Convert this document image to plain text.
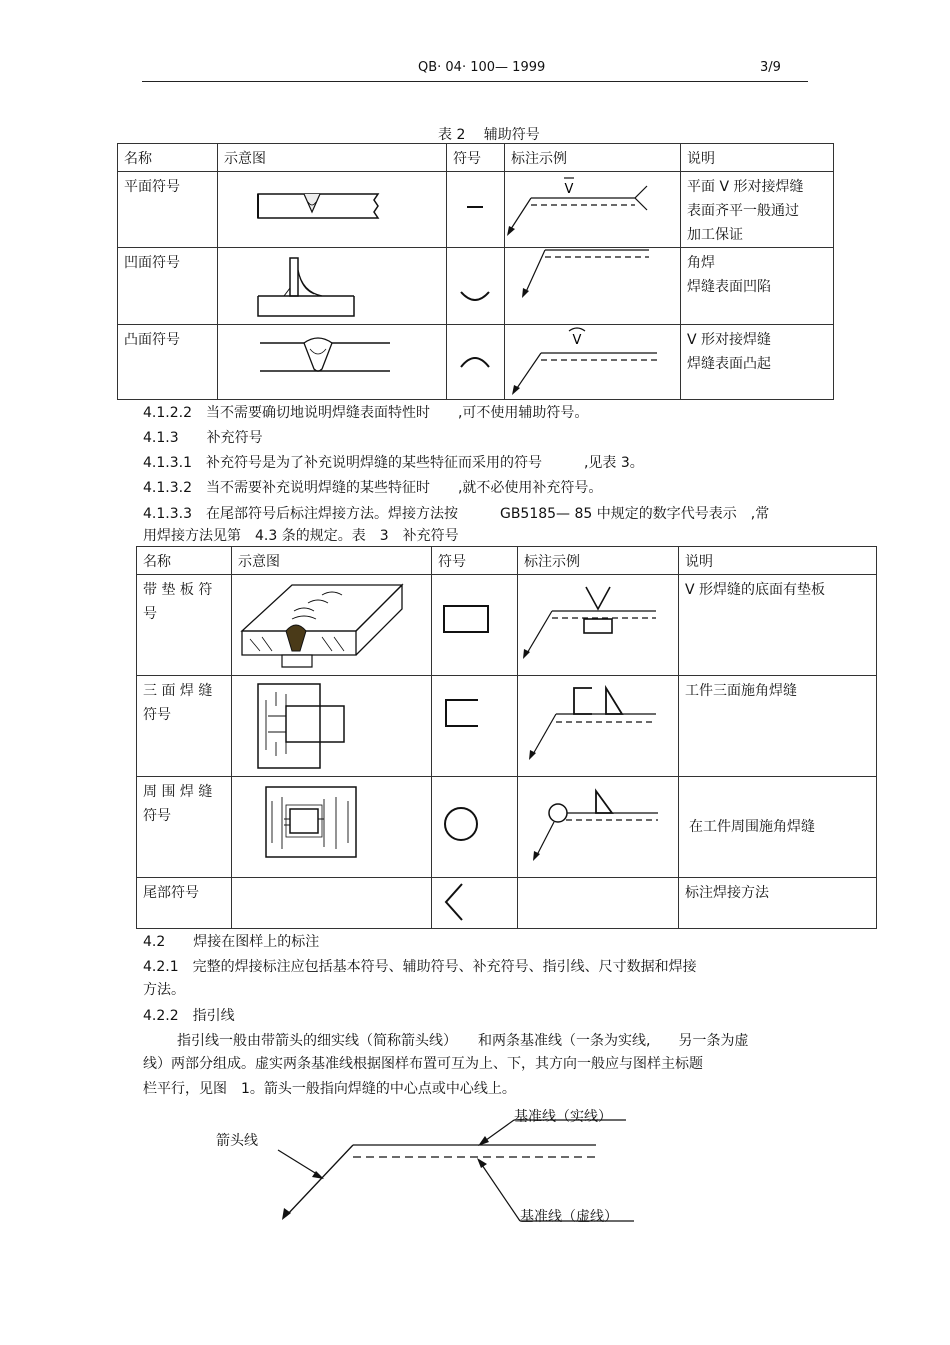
QB· 04· 100— 1999	3/9
表 2　 辅助符号
名称	示意图	符号	标注示例	说明
平面符号			V	平面 V 形对接焊缝
表面齐平一般通过
加工保证

凹面符号				角焊
焊缝表面凹陷

凸面符号			V	V 形对接焊缝
焊缝表面凸起
4.1.2.2　当不需要确切地说明焊缝表面特性时　　,可不使用辅助符号。
4.1.3　　补充符号
4.1.3.1　补充符号是为了补充说明焊缝的某些特征而采用的符号　　　,见表 3。
4.1.3.2　当不需要补充说明焊缝的某些特征时　　,就不必使用补充符号。
4.1.3.3　在尾部符号后标注焊接方法。焊接方法按　　　GB5185— 85 中规定的数字代号表示　,常
用焊接方法见第　4.3 条的规定。表　3　补充符号
名称	示意图	符号	标注示例	说明

带 垫 板 符
号				V 形焊缝的底面有垫板

三 面 焊 缝
符号				工件三面施角焊缝

周 围 焊 缝
符号				在工件周围施角焊缝
尾部符号				标注焊接方法
4.2　　焊接在图样上的标注
4.2.1　完整的焊接标注应包括基本符号、辅助符号、补充符号、指引线、尺寸数据和焊接
方法。
4.2.2　指引线
指引线一般由带箭头的细实线（简称箭头线）　　和两条基准线（一条为实线,　　另一条为虚
线）两部分组成。虚实两条基准线根据图样布置可互为上、下，其方向一般应与图样主标题
栏平行，见图　1。箭头一般指向焊缝的中心点或中心线上。
箭头线
基准线（实线）
基准线（虚线）
